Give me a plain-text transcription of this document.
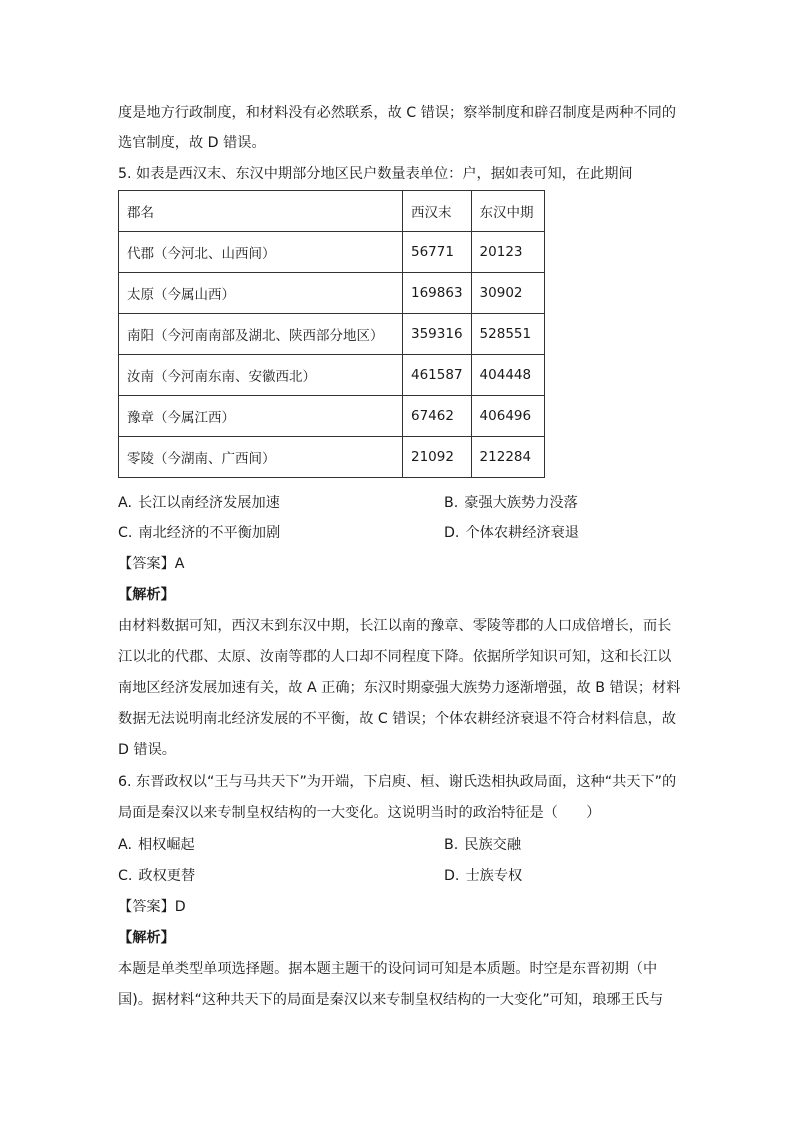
度是地方行政制度，和材料没有必然联系，故 C 错误；察举制度和辟召制度是两种不同的
选官制度，故 D 错误。
5. 如表是西汉末、东汉中期部分地区民户数量表单位：户，据如表可知，在此期间
郡名	西汉末	东汉中期
代郡（今河北、山西间）	56771	20123
太原（今属山西）	169863	30902
南阳（今河南南部及湖北、陕西部分地区）	359316	528551
汝南（今河南东南、安徽西北）	461587	404448
豫章（今属江西）	67462	406496
零陵（今湖南、广西间）	21092	212284
A. 长江以南经济发展加速	B. 豪强大族势力没落
C. 南北经济的不平衡加剧	D. 个体农耕经济衰退
【答案】A
【解析】
由材料数据可知，西汉末到东汉中期，长江以南的豫章、零陵等郡的人口成倍增长，而长
江以北的代郡、太原、汝南等郡的人口却不同程度下降。依据所学知识可知，这和长江以
南地区经济发展加速有关，故 A 正确；东汉时期豪强大族势力逐渐增强，故 B 错误；材料
数据无法说明南北经济发展的不平衡，故 C 错误；个体农耕经济衰退不符合材料信息，故
D 错误。
6. 东晋政权以“王与马共天下”为开端，下启庾、桓、谢氏迭相执政局面，这种“共天下”的
局面是秦汉以来专制皇权结构的一大变化。这说明当时的政治特征是（　　）
A. 相权崛起	B. 民族交融
C. 政权更替	D. 士族专权
【答案】D
【解析】
本题是单类型单项选择题。据本题主题干的设问词可知是本质题。时空是东晋初期（中
国)。据材料“这种共天下的局面是秦汉以来专制皇权结构的一大变化”可知，琅琊王氏与
